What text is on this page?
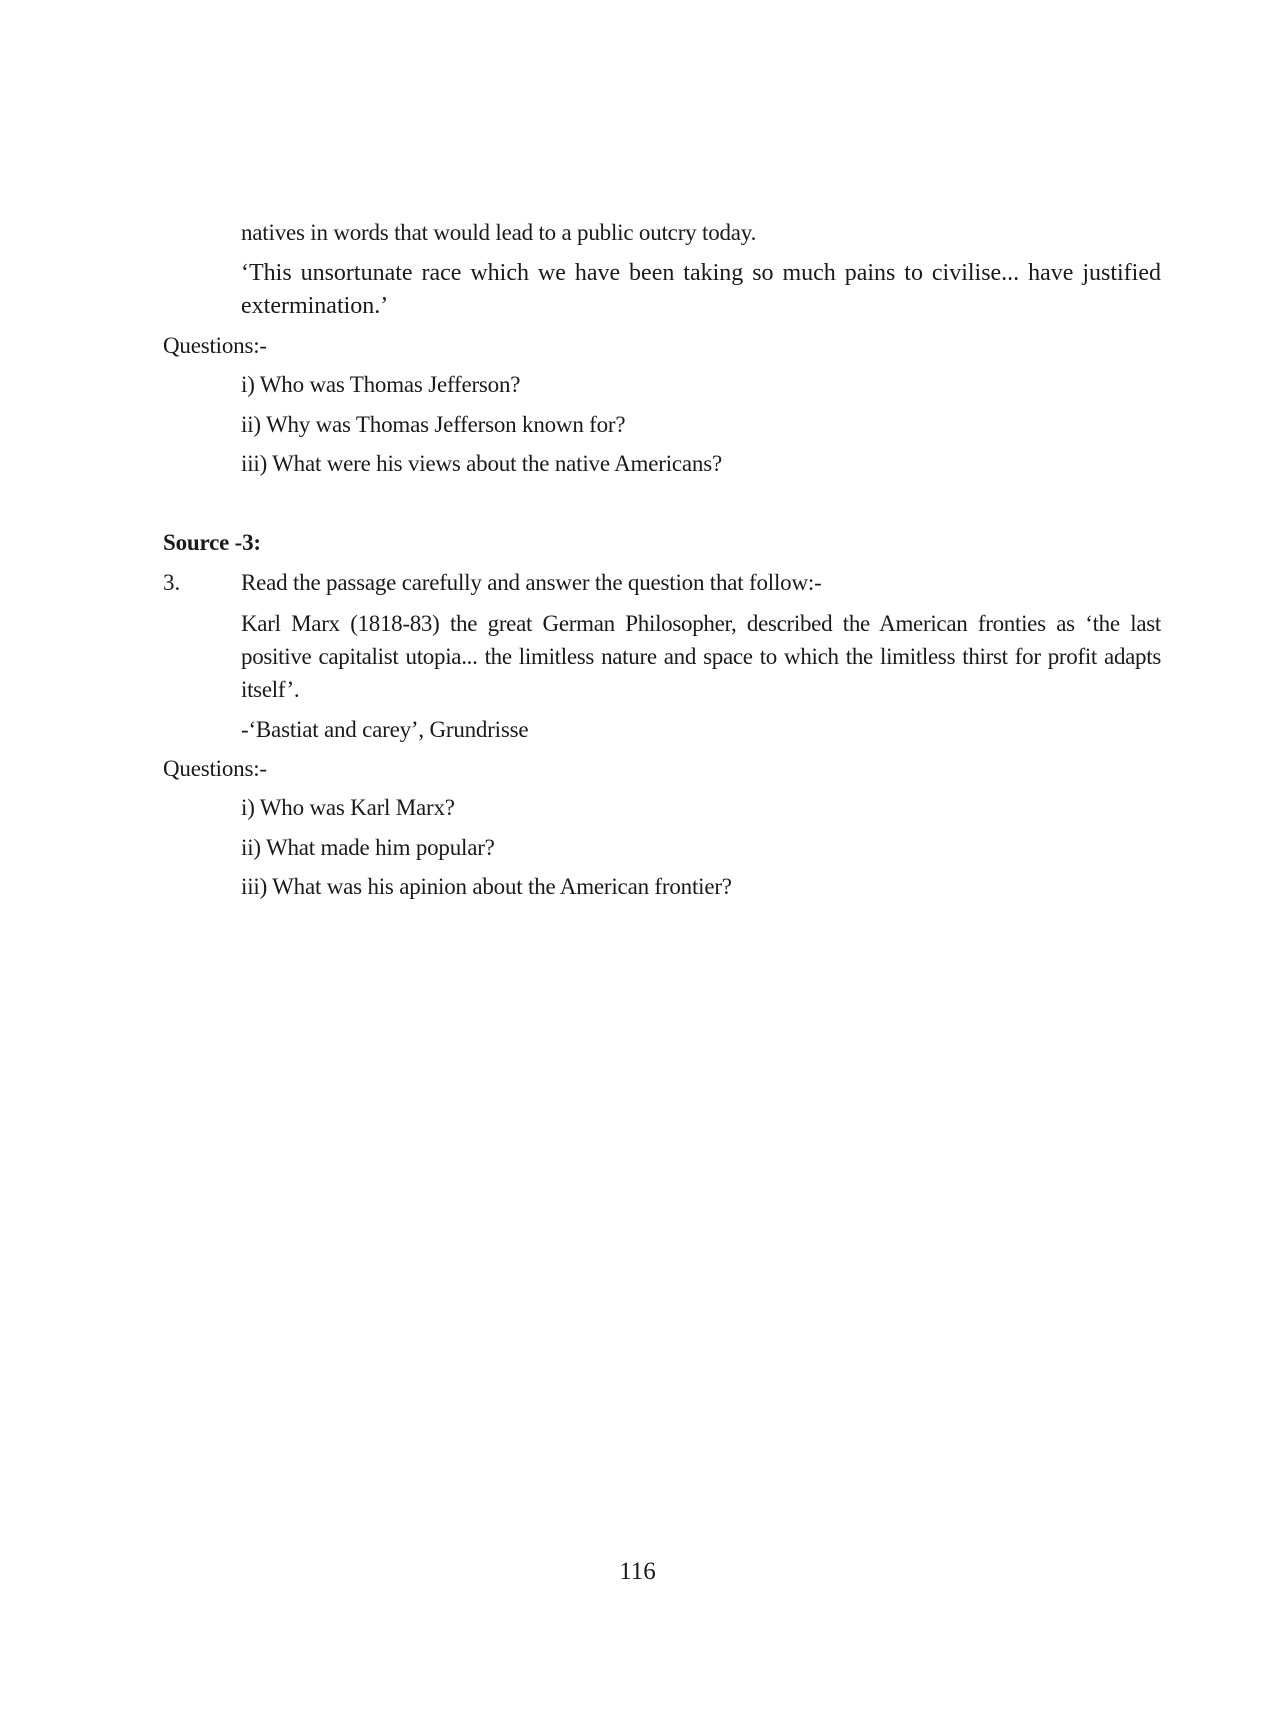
natives in words that would lead to a public outcry today.
‘This unsortunate race which we have been taking so much pains to civilise... have justified extermination.’
Questions:-
i) Who was Thomas Jefferson?
ii) Why was Thomas Jefferson known for?
iii) What were his views about the native Americans?
Source -3:
3.	Read the passage carefully and answer the question that follow:-
Karl Marx (1818-83) the great German Philosopher, described the American fronties as ‘the last positive capitalist utopia... the limitless nature and space to which the limitless thirst for profit adapts itself’.
-‘Bastiat and carey’, Grundrisse
Questions:-
i) Who was Karl Marx?
ii) What made him popular?
iii) What was his apinion about the American frontier?
116
